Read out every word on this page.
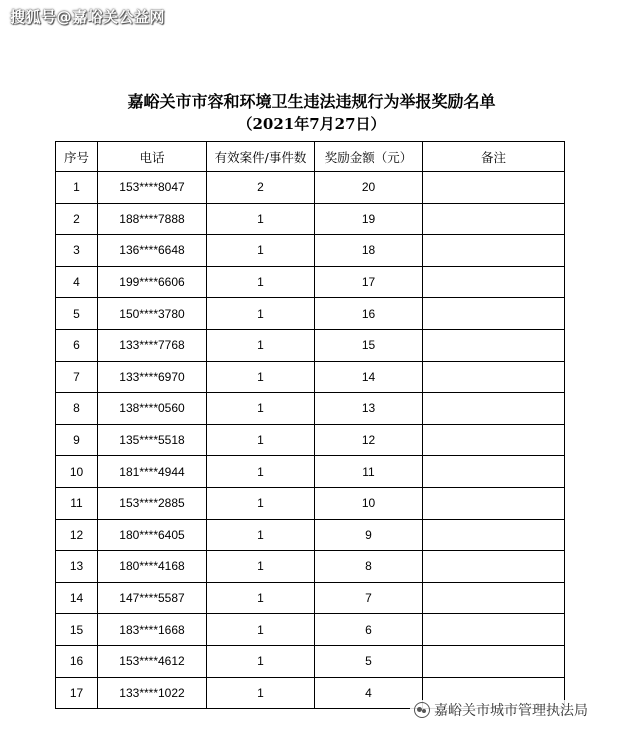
搜狐号@嘉峪关公益网
嘉峪关市市容和环境卫生违法违规行为举报奖励名单
（2021年7月27日）
序号	电话	有效案件/事件数	奖励金额（元）	备注
1	153****8047	2	20	
2	188****7888	1	19	
3	136****6648	1	18	
4	199****6606	1	17	
5	150****3780	1	16	
6	133****7768	1	15	
7	133****6970	1	14	
8	138****0560	1	13	
9	135****5518	1	12	
10	181****4944	1	11	
11	153****2885	1	10	
12	180****6405	1	9	
13	180****4168	1	8	
14	147****5587	1	7	
15	183****1668	1	6	
16	153****4612	1	5	
17	133****1022	1	4	
嘉峪关市城市管理执法局
